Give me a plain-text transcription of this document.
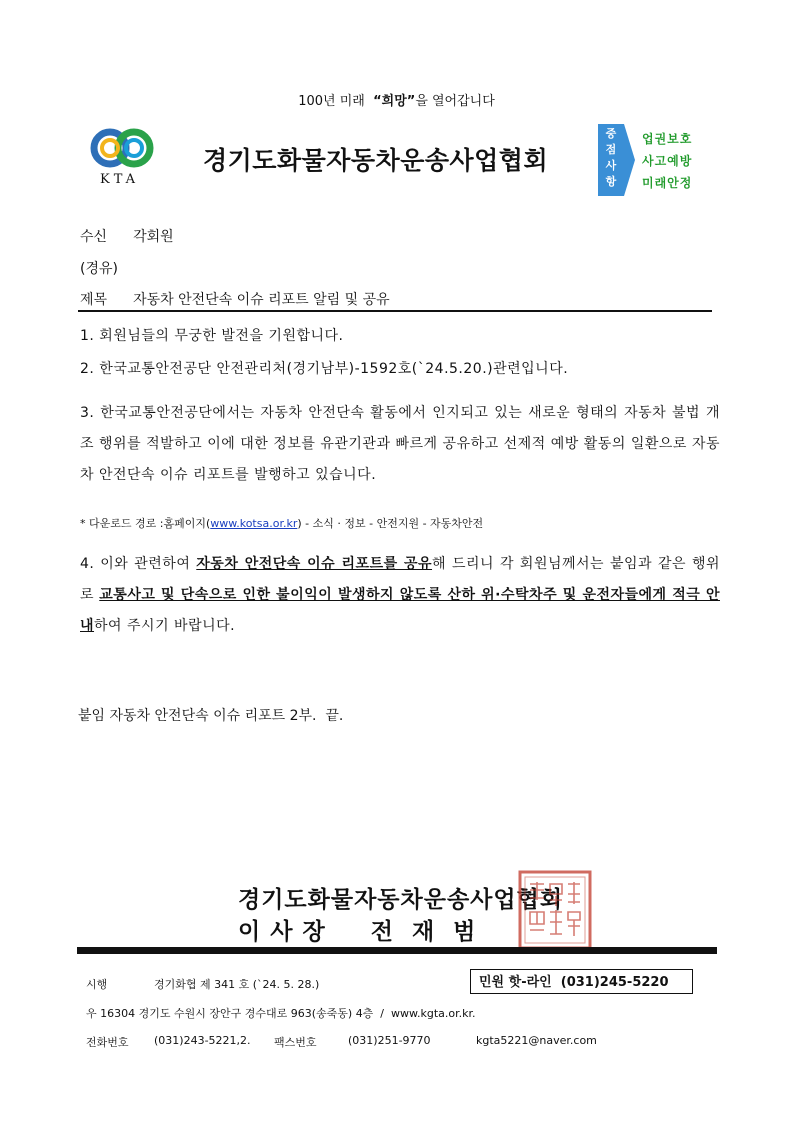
100년 미래  “희망”을 열어갑니다
KTA
경기도화물자동차운송사업협회
중
점
사
항
업권보호
사고예방
미래안정
수신 각회원
(경유)
제목 자동차 안전단속 이슈 리포트 알림 및 공유
1. 회원님들의 무궁한 발전을 기원합니다.
2. 한국교통안전공단 안전관리처(경기남부)-1592호(`24.5.20.)관련입니다.
3. 한국교통안전공단에서는 자동차 안전단속 활동에서 인지되고 있는 새로운 형태의 자동차 불법 개조 행위를 적발하고 이에 대한 정보를 유관기관과 빠르게 공유하고 선제적 예방 활동의 일환으로 자동차 안전단속 이슈 리포트를 발행하고 있습니다.
* 다운로드 경로 :홈페이지(www.kotsa.or.kr) - 소식 · 정보 - 안전지원 - 자동차안전
4. 이와 관련하여 자동차 안전단속 이슈 리포트를 공유해 드리니 각 회원님께서는 붙임과 같은 행위로 교통사고 및 단속으로 인한 불이익이 발생하지 않도록 산하 위·수탁차주 및 운전자들에게 적극 안내하여 주시기 바랍니다.
붙임 자동차 안전단속 이슈 리포트 2부.  끝.
경기도화물자동차운송사업협회
이 사 장     전  재  범
시행	경기화협 제 341 호 (`24. 5. 28.)	민원 핫-라인  (031)245-5220
우 16304 경기도 수원시 장안구 경수대로 963(송죽동) 4층  /  www.kgta.or.kr.
전화번호 (031)243-5221,2. 팩스번호	(031)251-9770	kgta5221@naver.com
